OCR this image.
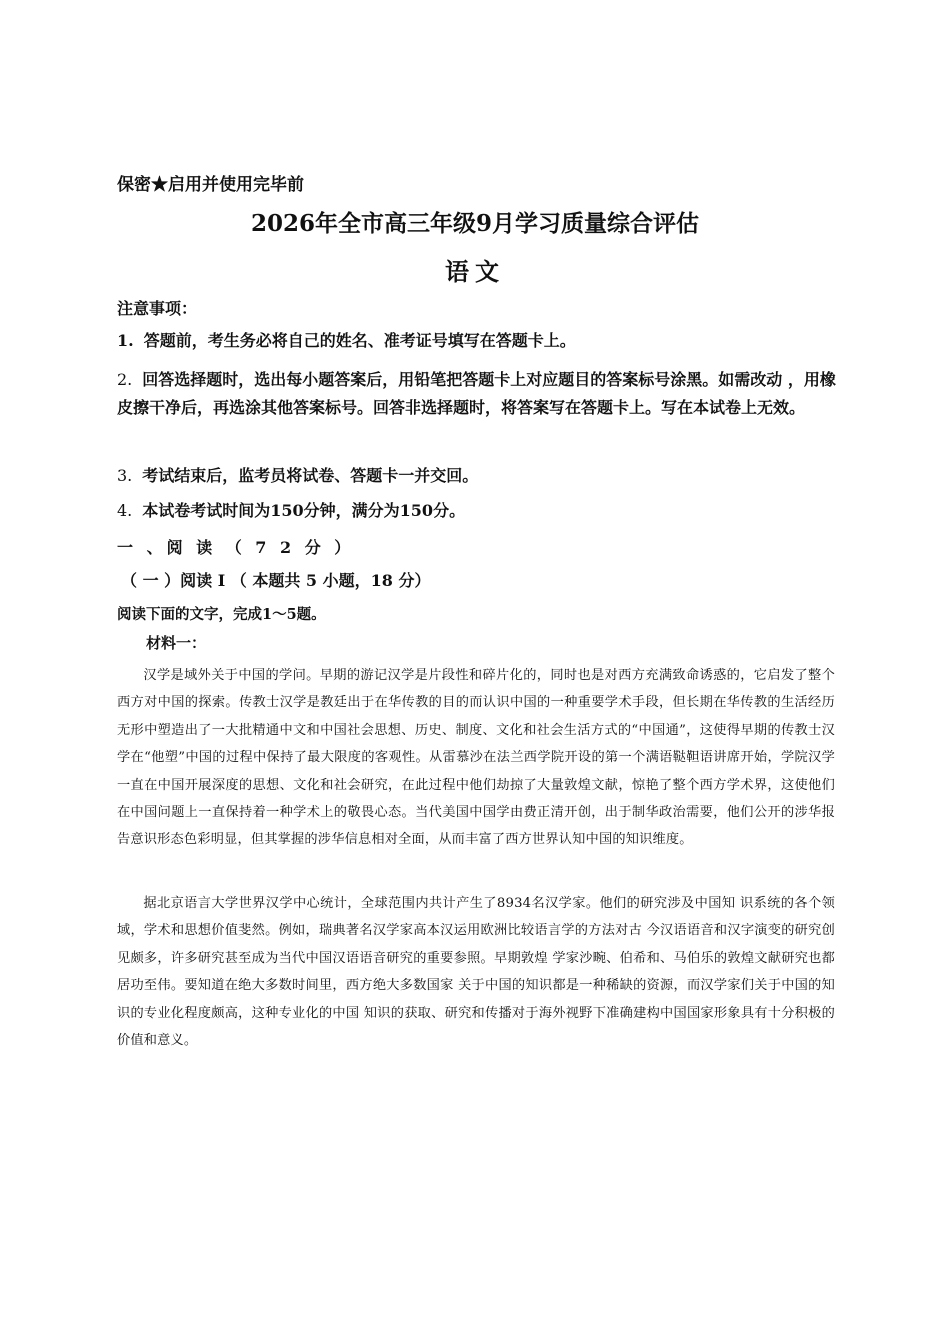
保密★启用并使用完毕前
2026年全市高三年级9月学习质量综合评估
语文
注意事项：
1. 答题前，考生务必将自己的姓名、准考证号填写在答题卡上。
2. 回答选择题时，选出每小题答案后，用铅笔把答题卡上对应题目的答案标号涂黑。如需改动 ，用橡皮擦干净后，再选涂其他答案标号。回答非选择题时，将答案写在答题卡上。写在本试卷上无效。
3. 考试结束后，监考员将试卷、答题卡一并交回。
4. 本试卷考试时间为150分钟，满分为150分。
一 、阅 读 （ 7 2 分 ）
（ 一 ）阅读 I （ 本题共 5 小题，18 分）
阅读下面的文字，完成1～5题。
材料一：
汉学是域外关于中国的学问。早期的游记汉学是片段性和碎片化的，同时也是对西方充满致命诱惑的，它启发了整个西方对中国的探索。传教士汉学是教廷出于在华传教的目的而认识中国的一种重要学术手段，但长期在华传教的生活经历无形中塑造出了一大批精通中文和中国社会思想、历史、制度、文化和社会生活方式的“中国通”，这使得早期的传教士汉学在“他塑”中国的过程中保持了最大限度的客观性。从雷慕沙在法兰西学院开设的第一个满语鞑靼语讲席开始，学院汉学一直在中国开展深度的思想、文化和社会研究，在此过程中他们劫掠了大量敦煌文献，惊艳了整个西方学术界，这使他们在中国问题上一直保持着一种学术上的敬畏心态。当代美国中国学由费正清开创，出于制华政治需要，他们公开的涉华报告意识形态色彩明显，但其掌握的涉华信息相对全面，从而丰富了西方世界认知中国的知识维度。
据北京语言大学世界汉学中心统计，全球范围内共计产生了8934名汉学家。他们的研究涉及中国知 识系统的各个领域，学术和思想价值斐然。例如，瑞典著名汉学家高本汉运用欧洲比较语言学的方法对古 今汉语语音和汉字演变的研究创见颇多，许多研究甚至成为当代中国汉语语音研究的重要参照。早期敦煌 学家沙畹、伯希和、马伯乐的敦煌文献研究也都居功至伟。要知道在绝大多数时间里，西方绝大多数国家 关于中国的知识都是一种稀缺的资源，而汉学家们关于中国的知识的专业化程度颇高，这种专业化的中国 知识的获取、研究和传播对于海外视野下准确建构中国国家形象具有十分积极的价值和意义。
